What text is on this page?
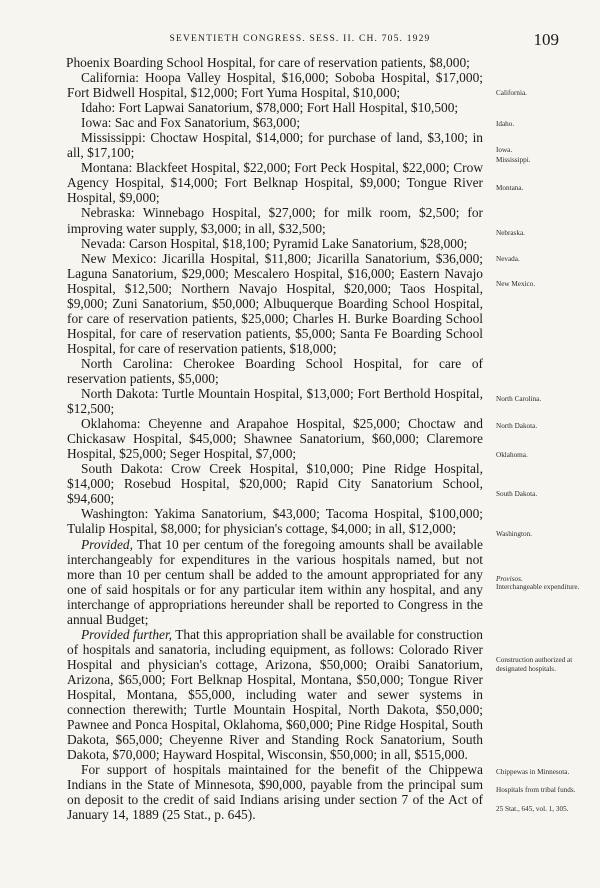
SEVENTIETH CONGRESS. SESS. II. CH. 705. 1929	109

Phoenix Boarding School Hospital, for care of reservation patients, $8,000;

California: Hoopa Valley Hospital, $16,000; Soboba Hospital, $17,000; Fort Bidwell Hospital, $12,000; Fort Yuma Hospital, $10,000;

Idaho: Fort Lapwai Sanatorium, $78,000; Fort Hall Hospital, $10,500;

Iowa: Sac and Fox Sanatorium, $63,000;

Mississippi: Choctaw Hospital, $14,000; for purchase of land, $3,100; in all, $17,100;

Montana: Blackfeet Hospital, $22,000; Fort Peck Hospital, $22,000; Crow Agency Hospital, $14,000; Fort Belknap Hospital, $9,000; Tongue River Hospital, $9,000;

Nebraska: Winnebago Hospital, $27,000; for milk room, $2,500; for improving water supply, $3,000; in all, $32,500;

Nevada: Carson Hospital, $18,100; Pyramid Lake Sanatorium, $28,000;

New Mexico: Jicarilla Hospital, $11,800; Jicarilla Sanatorium, $36,000; Laguna Sanatorium, $29,000; Mescalero Hospital, $16,000; Eastern Navajo Hospital, $12,500; Northern Navajo Hospital, $20,000; Taos Hospital, $9,000; Zuni Sanatorium, $50,000; Albuquerque Boarding School Hospital, for care of reservation patients, $25,000; Charles H. Burke Boarding School Hospital, for care of reservation patients, $5,000; Santa Fe Boarding School Hospital, for care of reservation patients, $18,000;

North Carolina: Cherokee Boarding School Hospital, for care of reservation patients, $5,000;

North Dakota: Turtle Mountain Hospital, $13,000; Fort Berthold Hospital, $12,500;

Oklahoma: Cheyenne and Arapahoe Hospital, $25,000; Choctaw and Chickasaw Hospital, $45,000; Shawnee Sanatorium, $60,000; Claremore Hospital, $25,000; Seger Hospital, $7,000;

South Dakota: Crow Creek Hospital, $10,000; Pine Ridge Hospital, $14,000; Rosebud Hospital, $20,000; Rapid City Sanatorium School, $94,600;

Washington: Yakima Sanatorium, $43,000; Tacoma Hospital, $100,000; Tulalip Hospital, $8,000; for physician's cottage, $4,000; in all, $12,000;

Provided, That 10 per centum of the foregoing amounts shall be available interchangeably for expenditures in the various hospitals named, but not more than 10 per centum shall be added to the amount appropriated for any one of said hospitals or for any particular item within any hospital, and any interchange of appropriations hereunder shall be reported to Congress in the annual Budget;

Provided further, That this appropriation shall be available for construction of hospitals and sanatoria, including equipment, as follows: Colorado River Hospital and physician's cottage, Arizona, $50,000; Oraibi Sanatorium, Arizona, $65,000; Fort Belknap Hospital, Montana, $50,000; Tongue River Hospital, Montana, $55,000, including water and sewer systems in connection therewith; Turtle Mountain Hospital, North Dakota, $50,000; Pawnee and Ponca Hospital, Oklahoma, $60,000; Pine Ridge Hospital, South Dakota, $65,000; Cheyenne River and Standing Rock Sanatorium, South Dakota, $70,000; Hayward Hospital, Wisconsin, $50,000; in all, $515,000.

For support of hospitals maintained for the benefit of the Chippewa Indians in the State of Minnesota, $90,000, payable from the principal sum on deposit to the credit of said Indians arising under section 7 of the Act of January 14, 1889 (25 Stat., p. 645).

California.
Idaho.
Iowa.
Mississippi.
Montana.
Nebraska.
Nevada.
New Mexico.
North Carolina.
North Dakota.
Oklahoma.
South Dakota.
Washington.
Provisos.
Interchangeable expenditure.
Construction authorized at designated hospitals.
Chippewas in Minnesota.
Hospitals from tribal funds.
25 Stat., 645, vol. 1, 305.
